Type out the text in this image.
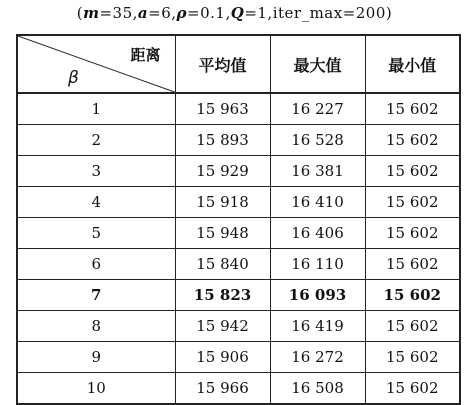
(m=35,a=6,ρ=0.1,Q=1,iter_max=200)
距离
β	平均值	最大值	最小值
1	15 963	16 227	15 602
2	15 893	16 528	15 602
3	15 929	16 381	15 602
4	15 918	16 410	15 602
5	15 948	16 406	15 602
6	15 840	16 110	15 602
7	15 823	16 093	15 602
8	15 942	16 419	15 602
9	15 906	16 272	15 602
10	15 966	16 508	15 602
